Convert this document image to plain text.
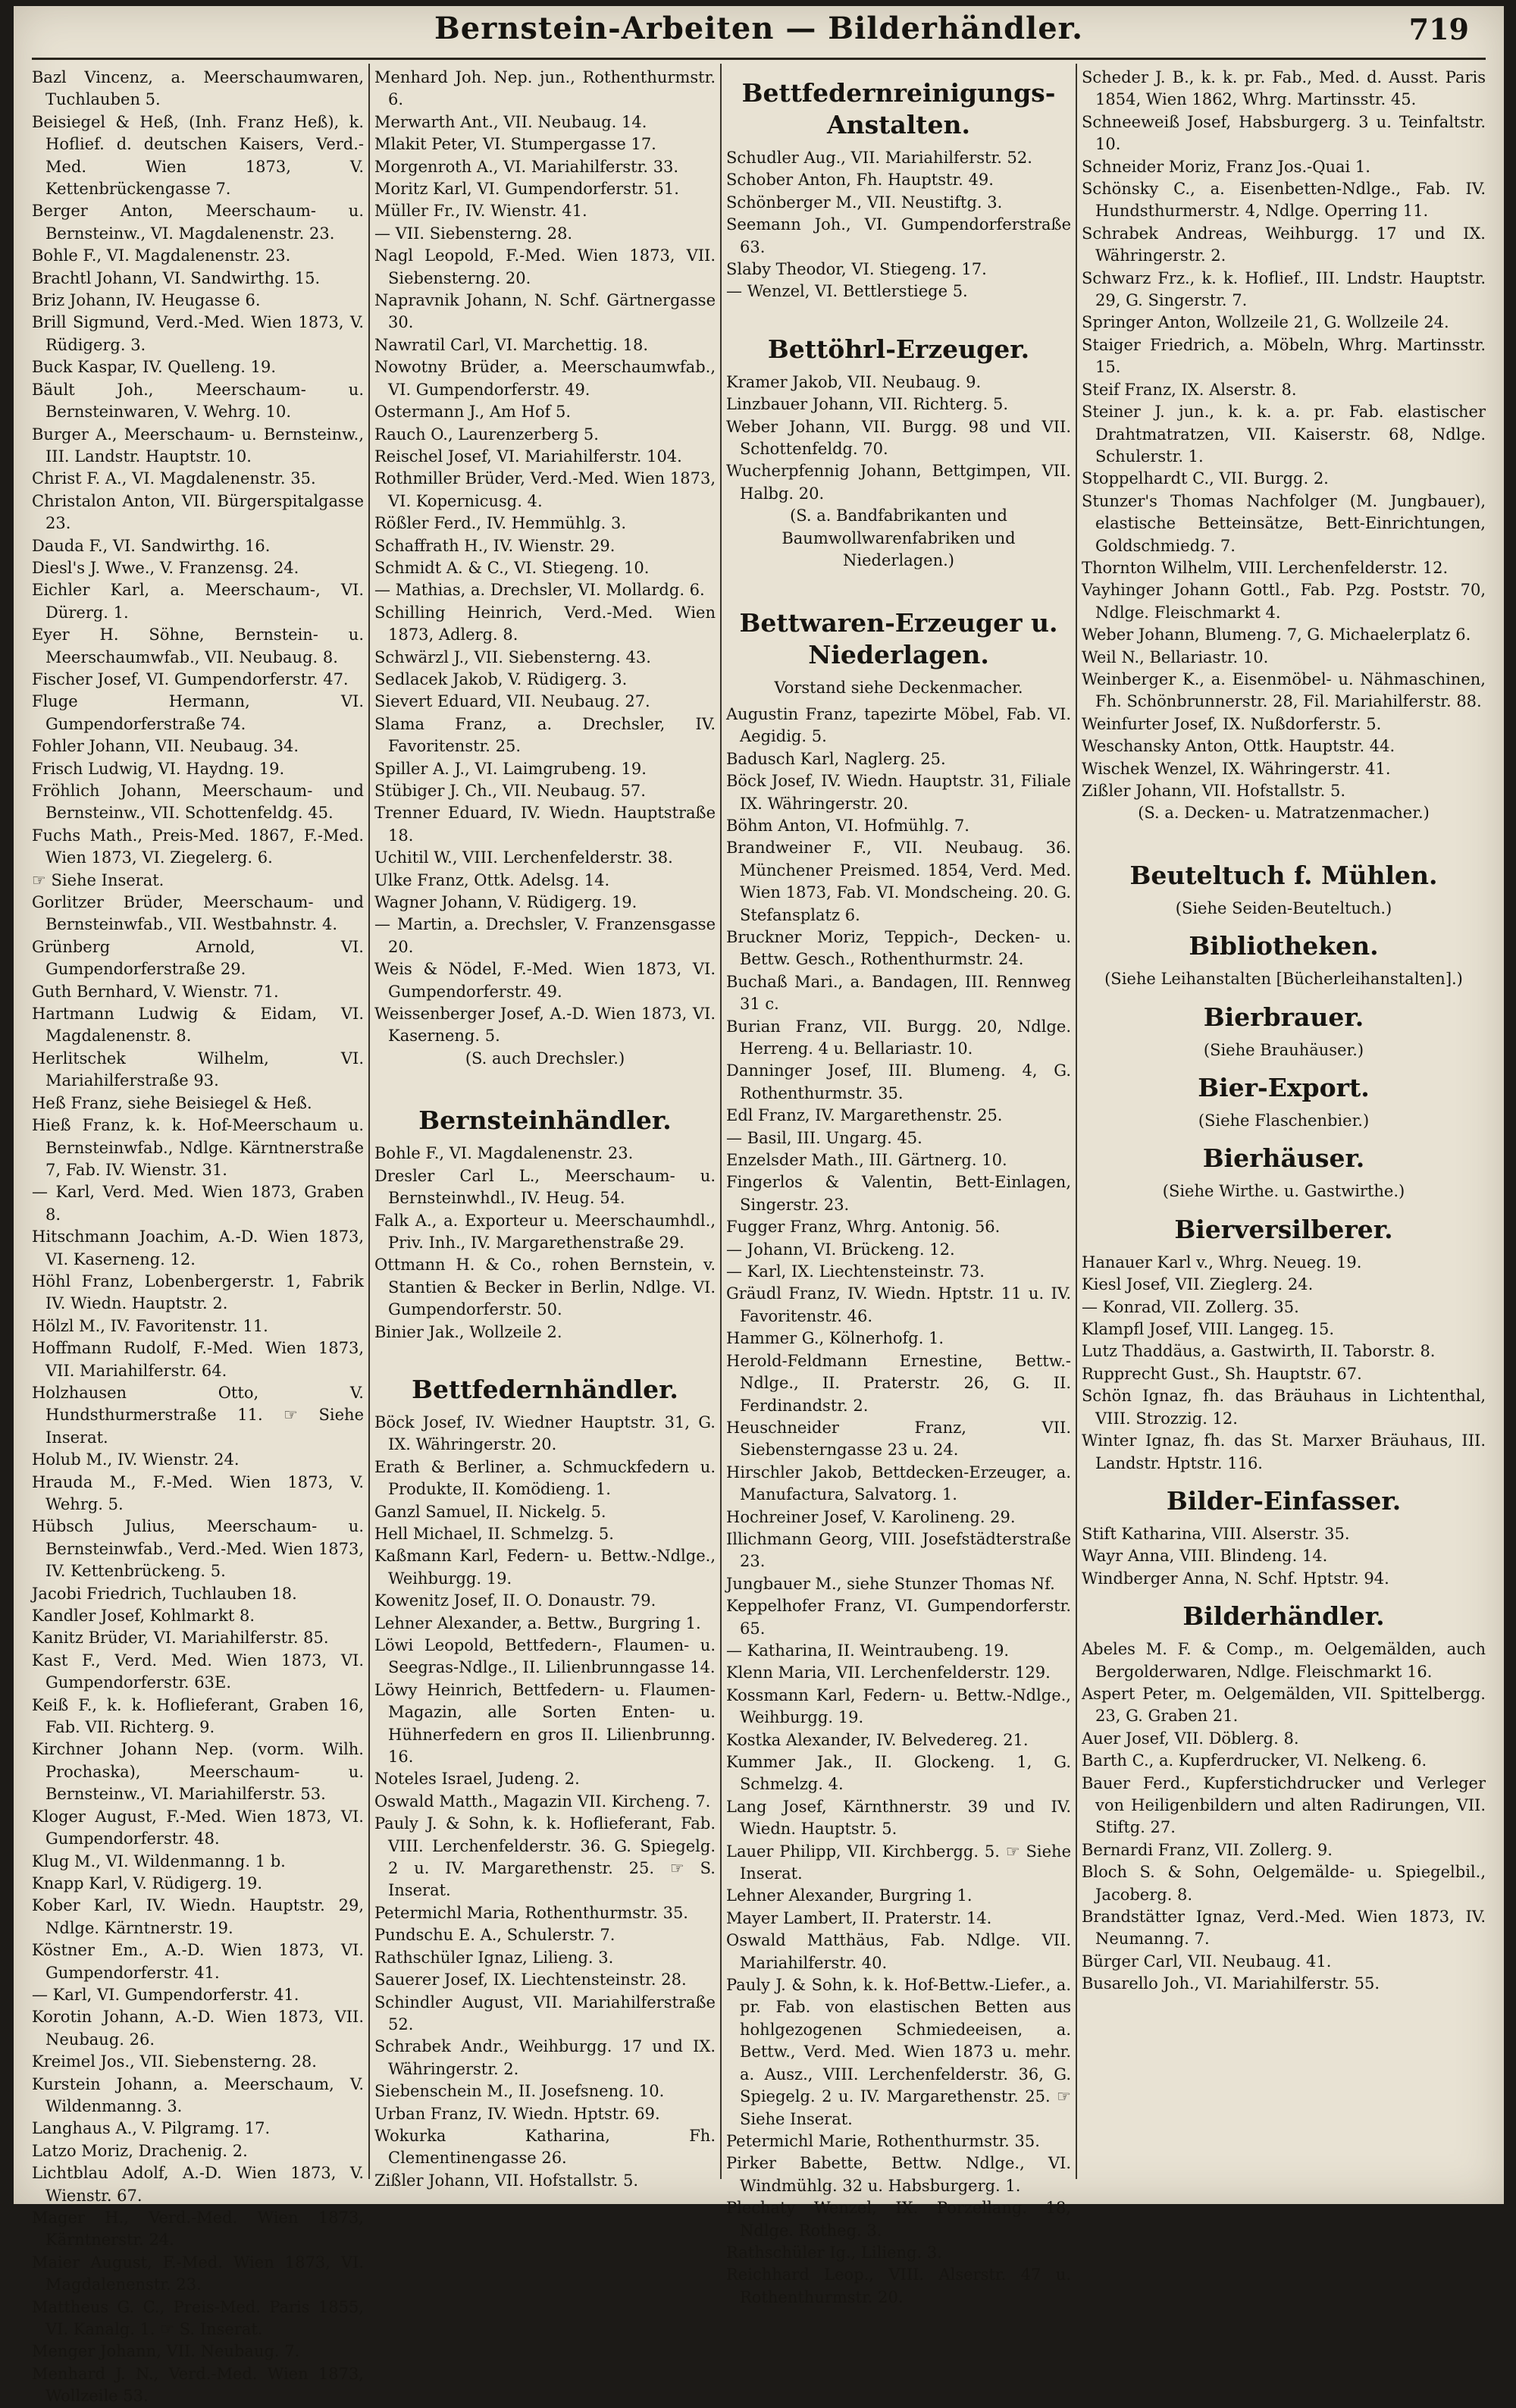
Bernstein-Arbeiten — Bilderhändler.	719

Bazl Vincenz, a. Meerschaumwaren, Tuchlauben 5.

Beisiegel & Heß, (Inh. Franz Heß), k. Hoflief. d. deutschen Kaisers, Verd.-Med. Wien 1873, V. Kettenbrückengasse 7.

Berger Anton, Meerschaum- u. Bernsteinw., VI. Magdalenenstr. 23.

Bohle F., VI. Magdalenenstr. 23.

Brachtl Johann, VI. Sandwirthg. 15.

Briz Johann, IV. Heugasse 6.

Brill Sigmund, Verd.-Med. Wien 1873, V. Rüdigerg. 3.

Buck Kaspar, IV. Quelleng. 19.

Bäult Joh., Meerschaum- u. Bernsteinwaren, V. Wehrg. 10.

Burger A., Meerschaum- u. Bernsteinw., III. Landstr. Hauptstr. 10.

Christ F. A., VI. Magdalenenstr. 35.

Christalon Anton, VII. Bürgerspitalgasse 23.

Dauda F., VI. Sandwirthg. 16.

Diesl's J. Wwe., V. Franzensg. 24.

Eichler Karl, a. Meerschaum-, VI. Dürerg. 1.

Eyer H. Söhne, Bernstein- u. Meerschaumwfab., VII. Neubaug. 8.

Fischer Josef, VI. Gumpendorferstr. 47.

Fluge Hermann, VI. Gumpendorferstraße 74.

Fohler Johann, VII. Neubaug. 34.

Frisch Ludwig, VI. Haydng. 19.

Fröhlich Johann, Meerschaum- und Bernsteinw., VII. Schottenfeldg. 45.

Fuchs Math., Preis-Med. 1867, F.-Med. Wien 1873, VI. Ziegelerg. 6.

☞ Siehe Inserat.

Gorlitzer Brüder, Meerschaum- und Bernsteinwfab., VII. Westbahnstr. 4.

Grünberg Arnold, VI. Gumpendorferstraße 29.

Guth Bernhard, V. Wienstr. 71.

Hartmann Ludwig & Eidam, VI. Magdalenenstr. 8.

Herlitschek Wilhelm, VI. Mariahilferstraße 93.

Heß Franz, siehe Beisiegel & Heß.

Hieß Franz, k. k. Hof-Meerschaum u. Bernsteinwfab., Ndlge. Kärntnerstraße 7, Fab. IV. Wienstr. 31.

— Karl, Verd. Med. Wien 1873, Graben 8.

Hitschmann Joachim, A.-D. Wien 1873, VI. Kaserneng. 12.

Höhl Franz, Lobenbergerstr. 1, Fabrik IV. Wiedn. Hauptstr. 2.

Hölzl M., IV. Favoritenstr. 11.

Hoffmann Rudolf, F.-Med. Wien 1873, VII. Mariahilferstr. 64.

Holzhausen Otto, V. Hundsthurmerstraße 11. ☞ Siehe Inserat.

Holub M., IV. Wienstr. 24.

Hrauda M., F.-Med. Wien 1873, V. Wehrg. 5.

Hübsch Julius, Meerschaum- u. Bernsteinwfab., Verd.-Med. Wien 1873, IV. Kettenbrückeng. 5.

Jacobi Friedrich, Tuchlauben 18.

Kandler Josef, Kohlmarkt 8.

Kanitz Brüder, VI. Mariahilferstr. 85.

Kast F., Verd. Med. Wien 1873, VI. Gumpendorferstr. 63E.

Keiß F., k. k. Hoflieferant, Graben 16, Fab. VII. Richterg. 9.

Kirchner Johann Nep. (vorm. Wilh. Prochaska), Meerschaum- u. Bernsteinw., VI. Mariahilferstr. 53.

Kloger August, F.-Med. Wien 1873, VI. Gumpendorferstr. 48.

Klug M., VI. Wildenmanng. 1 b.

Knapp Karl, V. Rüdigerg. 19.

Kober Karl, IV. Wiedn. Hauptstr. 29, Ndlge. Kärntnerstr. 19.

Köstner Em., A.-D. Wien 1873, VI. Gumpendorferstr. 41.

— Karl, VI. Gumpendorferstr. 41.

Korotin Johann, A.-D. Wien 1873, VII. Neubaug. 26.

Kreimel Jos., VII. Siebensterng. 28.

Kurstein Johann, a. Meerschaum, V. Wildenmanng. 3.

Langhaus A., V. Pilgramg. 17.

Latzo Moriz, Drachenig. 2.

Lichtblau Adolf, A.-D. Wien 1873, V. Wienstr. 67.

Mager H., Verd.-Med. Wien 1873, Kärntnerstr. 24.

Maier August, F.-Med. Wien 1873, VI. Magdalenenstr. 23.

Mattheus G. C., Preis-Med. Paris 1855, VI. Kanalg. 1. ☞ S. Inserat.

Menger Johann, VII. Neubaug. 7.

Menhard J. N., Verd.-Med. Wien 1873, Wollzeile 53.

Menhard Joh. Nep. jun., Rothenthurmstr. 6.

Merwarth Ant., VII. Neubaug. 14.

Mlakit Peter, VI. Stumpergasse 17.

Morgenroth A., VI. Mariahilferstr. 33.

Moritz Karl, VI. Gumpendorferstr. 51.

Müller Fr., IV. Wienstr. 41.

— VII. Siebensterng. 28.

Nagl Leopold, F.-Med. Wien 1873, VII. Siebensterng. 20.

Napravnik Johann, N. Schf. Gärtnergasse 30.

Nawratil Carl, VI. Marchettig. 18.

Nowotny Brüder, a. Meerschaumwfab., VI. Gumpendorferstr. 49.

Ostermann J., Am Hof 5.

Rauch O., Laurenzerberg 5.

Reischel Josef, VI. Mariahilferstr. 104.

Rothmiller Brüder, Verd.-Med. Wien 1873, VI. Kopernicusg. 4.

Rößler Ferd., IV. Hemmühlg. 3.

Schaffrath H., IV. Wienstr. 29.

Schmidt A. & C., VI. Stiegeng. 10.

— Mathias, a. Drechsler, VI. Mollardg. 6.

Schilling Heinrich, Verd.-Med. Wien 1873, Adlerg. 8.

Schwärzl J., VII. Siebensterng. 43.

Sedlacek Jakob, V. Rüdigerg. 3.

Sievert Eduard, VII. Neubaug. 27.

Slama Franz, a. Drechsler, IV. Favoritenstr. 25.

Spiller A. J., VI. Laimgrubeng. 19.

Stübiger J. Ch., VII. Neubaug. 57.

Trenner Eduard, IV. Wiedn. Hauptstraße 18.

Uchitil W., VIII. Lerchenfelderstr. 38.

Ulke Franz, Ottk. Adelsg. 14.

Wagner Johann, V. Rüdigerg. 19.

— Martin, a. Drechsler, V. Franzensgasse 20.

Weis & Nödel, F.-Med. Wien 1873, VI. Gumpendorferstr. 49.

Weissenberger Josef, A.-D. Wien 1873, VI. Kaserneng. 5.

(S. auch Drechsler.)

Bernsteinhändler.

Bohle F., VI. Magdalenenstr. 23.

Dresler Carl L., Meerschaum- u. Bernsteinwhdl., IV. Heug. 54.

Falk A., a. Exporteur u. Meerschaumhdl., Priv. Inh., IV. Margarethenstraße 29.

Ottmann H. & Co., rohen Bernstein, v. Stantien & Becker in Berlin, Ndlge. VI. Gumpendorferstr. 50.

Binier Jak., Wollzeile 2.

Bettfedernhändler.

Böck Josef, IV. Wiedner Hauptstr. 31, G. IX. Währingerstr. 20.

Erath & Berliner, a. Schmuckfedern u. Produkte, II. Komödieng. 1.

Ganzl Samuel, II. Nickelg. 5.

Hell Michael, II. Schmelzg. 5.

Kaßmann Karl, Federn- u. Bettw.-Ndlge., Weihburgg. 19.

Kowenitz Josef, II. O. Donaustr. 79.

Lehner Alexander, a. Bettw., Burgring 1.

Löwi Leopold, Bettfedern-, Flaumen- u. Seegras-Ndlge., II. Lilienbrunngasse 14.

Löwy Heinrich, Bettfedern- u. Flaumen-Magazin, alle Sorten Enten- u. Hühnerfedern en gros II. Lilienbrunng. 16.

Noteles Israel, Judeng. 2.

Oswald Matth., Magazin VII. Kircheng. 7.

Pauly J. & Sohn, k. k. Hoflieferant, Fab. VIII. Lerchenfelderstr. 36. G. Spiegelg. 2 u. IV. Margarethenstr. 25. ☞ S. Inserat.

Petermichl Maria, Rothenthurmstr. 35.

Pundschu E. A., Schulerstr. 7.

Rathschüler Ignaz, Lilieng. 3.

Sauerer Josef, IX. Liechtensteinstr. 28.

Schindler August, VII. Mariahilferstraße 52.

Schrabek Andr., Weihburgg. 17 und IX. Währingerstr. 2.

Siebenschein M., II. Josefsneng. 10.

Urban Franz, IV. Wiedn. Hptstr. 69.

Wokurka Katharina, Fh. Clementinengasse 26.

Zißler Johann, VII. Hofstallstr. 5.

Bettfedernreinigungs-Anstalten.

Schudler Aug., VII. Mariahilferstr. 52.

Schober Anton, Fh. Hauptstr. 49.

Schönberger M., VII. Neustiftg. 3.

Seemann Joh., VI. Gumpendorferstraße 63.

Slaby Theodor, VI. Stiegeng. 17.

— Wenzel, VI. Bettlerstiege 5.

Bettöhrl-Erzeuger.

Kramer Jakob, VII. Neubaug. 9.

Linzbauer Johann, VII. Richterg. 5.

Weber Johann, VII. Burgg. 98 und VII. Schottenfeldg. 70.

Wucherpfennig Johann, Bettgimpen, VII. Halbg. 20.

(S. a. Bandfabrikanten und Baumwollwarenfabriken und Niederlagen.)

Bettwaren-Erzeuger u. Niederlagen.

Vorstand siehe Deckenmacher.

Augustin Franz, tapezirte Möbel, Fab. VI. Aegidig. 5.

Badusch Karl, Naglerg. 25.

Böck Josef, IV. Wiedn. Hauptstr. 31, Filiale IX. Währingerstr. 20.

Böhm Anton, VI. Hofmühlg. 7.

Brandweiner F., VII. Neubaug. 36. Münchener Preismed. 1854, Verd. Med. Wien 1873, Fab. VI. Mondscheing. 20. G. Stefansplatz 6.

Bruckner Moriz, Teppich-, Decken- u. Bettw. Gesch., Rothenthurmstr. 24.

Buchaß Mari., a. Bandagen, III. Rennweg 31 c.

Burian Franz, VII. Burgg. 20, Ndlge. Herreng. 4 u. Bellariastr. 10.

Danninger Josef, III. Blumeng. 4, G. Rothenthurmstr. 35.

Edl Franz, IV. Margarethenstr. 25.

— Basil, III. Ungarg. 45.

Enzelsder Math., III. Gärtnerg. 10.

Fingerlos & Valentin, Bett-Einlagen, Singerstr. 23.

Fugger Franz, Whrg. Antonig. 56.

— Johann, VI. Brückeng. 12.

— Karl, IX. Liechtensteinstr. 73.

Gräudl Franz, IV. Wiedn. Hptstr. 11 u. IV. Favoritenstr. 46.

Hammer G., Kölnerhofg. 1.

Herold-Feldmann Ernestine, Bettw.-Ndlge., II. Praterstr. 26, G. II. Ferdinandstr. 2.

Heuschneider Franz, VII. Siebensterngasse 23 u. 24.

Hirschler Jakob, Bettdecken-Erzeuger, a. Manufactura, Salvatorg. 1.

Hochreiner Josef, V. Karolineng. 29.

Illichmann Georg, VIII. Josefstädterstraße 23.

Jungbauer M., siehe Stunzer Thomas Nf.

Keppelhofer Franz, VI. Gumpendorferstr. 65.

— Katharina, II. Weintraubeng. 19.

Klenn Maria, VII. Lerchenfelderstr. 129.

Kossmann Karl, Federn- u. Bettw.-Ndlge., Weihburgg. 19.

Kostka Alexander, IV. Belvedereg. 21.

Kummer Jak., II. Glockeng. 1, G. Schmelzg. 4.

Lang Josef, Kärnthnerstr. 39 und IV. Wiedn. Hauptstr. 5.

Lauer Philipp, VII. Kirchbergg. 5. ☞ Siehe Inserat.

Lehner Alexander, Burgring 1.

Mayer Lambert, II. Praterstr. 14.

Oswald Matthäus, Fab. Ndlge. VII. Mariahilferstr. 40.

Pauly J. & Sohn, k. k. Hof-Bettw.-Liefer., a. pr. Fab. von elastischen Betten aus hohlgezogenen Schmiedeeisen, a. Bettw., Verd. Med. Wien 1873 u. mehr. a. Ausz., VIII. Lerchenfelderstr. 36, G. Spiegelg. 2 u. IV. Margarethenstr. 25. ☞ Siehe Inserat.

Petermichl Marie, Rothenthurmstr. 35.

Pirker Babette, Bettw. Ndlge., VI. Windmühlg. 32 u. Habsburgerg. 1.

Plechaty Wenzel, IX. Porzellang. 18, Ndlge. Rotheg. 3.

Rathschüler Ig., Lilieng. 3.

Reichhard Leop., VIII. Alserstr. 47 u. Rothenthurmstr. 20.

Scheder J. B., k. k. pr. Fab., Med. d. Ausst. Paris 1854, Wien 1862, Whrg. Martinsstr. 45.

Schneeweiß Josef, Habsburgerg. 3 u. Teinfaltstr. 10.

Schneider Moriz, Franz Jos.-Quai 1.

Schönsky C., a. Eisenbetten-Ndlge., Fab. IV. Hundsthurmerstr. 4, Ndlge. Operring 11.

Schrabek Andreas, Weihburgg. 17 und IX. Währingerstr. 2.

Schwarz Frz., k. k. Hoflief., III. Lndstr. Hauptstr. 29, G. Singerstr. 7.

Springer Anton, Wollzeile 21, G. Wollzeile 24.

Staiger Friedrich, a. Möbeln, Whrg. Martinsstr. 15.

Steif Franz, IX. Alserstr. 8.

Steiner J. jun., k. k. a. pr. Fab. elastischer Drahtmatratzen, VII. Kaiserstr. 68, Ndlge. Schulerstr. 1.

Stoppelhardt C., VII. Burgg. 2.

Stunzer's Thomas Nachfolger (M. Jungbauer), elastische Betteinsätze, Bett-Einrichtungen, Goldschmiedg. 7.

Thornton Wilhelm, VIII. Lerchenfelderstr. 12.

Vayhinger Johann Gottl., Fab. Pzg. Poststr. 70, Ndlge. Fleischmarkt 4.

Weber Johann, Blumeng. 7, G. Michaelerplatz 6.

Weil N., Bellariastr. 10.

Weinberger K., a. Eisenmöbel- u. Nähmaschinen, Fh. Schönbrunnerstr. 28, Fil. Mariahilferstr. 88.

Weinfurter Josef, IX. Nußdorferstr. 5.

Weschansky Anton, Ottk. Hauptstr. 44.

Wischek Wenzel, IX. Währingerstr. 41.

Zißler Johann, VII. Hofstallstr. 5.

(S. a. Decken- u. Matratzenmacher.)

Beuteltuch f. Mühlen.

(Siehe Seiden-Beuteltuch.)

Bibliotheken.

(Siehe Leihanstalten [Bücherleihanstalten].)

Bierbrauer.

(Siehe Brauhäuser.)

Bier-Export.

(Siehe Flaschenbier.)

Bierhäuser.

(Siehe Wirthe. u. Gastwirthe.)

Bierversilberer.

Hanauer Karl v., Whrg. Neueg. 19.

Kiesl Josef, VII. Zieglerg. 24.

— Konrad, VII. Zollerg. 35.

Klampfl Josef, VIII. Langeg. 15.

Lutz Thaddäus, a. Gastwirth, II. Taborstr. 8.

Rupprecht Gust., Sh. Hauptstr. 67.

Schön Ignaz, fh. das Bräuhaus in Lichtenthal, VIII. Strozzig. 12.

Winter Ignaz, fh. das St. Marxer Bräuhaus, III. Landstr. Hptstr. 116.

Bilder-Einfasser.

Stift Katharina, VIII. Alserstr. 35.

Wayr Anna, VIII. Blindeng. 14.

Windberger Anna, N. Schf. Hptstr. 94.

Bilderhändler.

Abeles M. F. & Comp., m. Oelgemälden, auch Bergolderwaren, Ndlge. Fleischmarkt 16.

Aspert Peter, m. Oelgemälden, VII. Spittelbergg. 23, G. Graben 21.

Auer Josef, VII. Döblerg. 8.

Barth C., a. Kupferdrucker, VI. Nelkeng. 6.

Bauer Ferd., Kupferstichdrucker und Verleger von Heiligenbildern und alten Radirungen, VII. Stiftg. 27.

Bernardi Franz, VII. Zollerg. 9.

Bloch S. & Sohn, Oelgemälde- u. Spiegelbil., Jacoberg. 8.

Brandstätter Ignaz, Verd.-Med. Wien 1873, IV. Neumanng. 7.

Bürger Carl, VII. Neubaug. 41.

Busarello Joh., VI. Mariahilferstr. 55.
